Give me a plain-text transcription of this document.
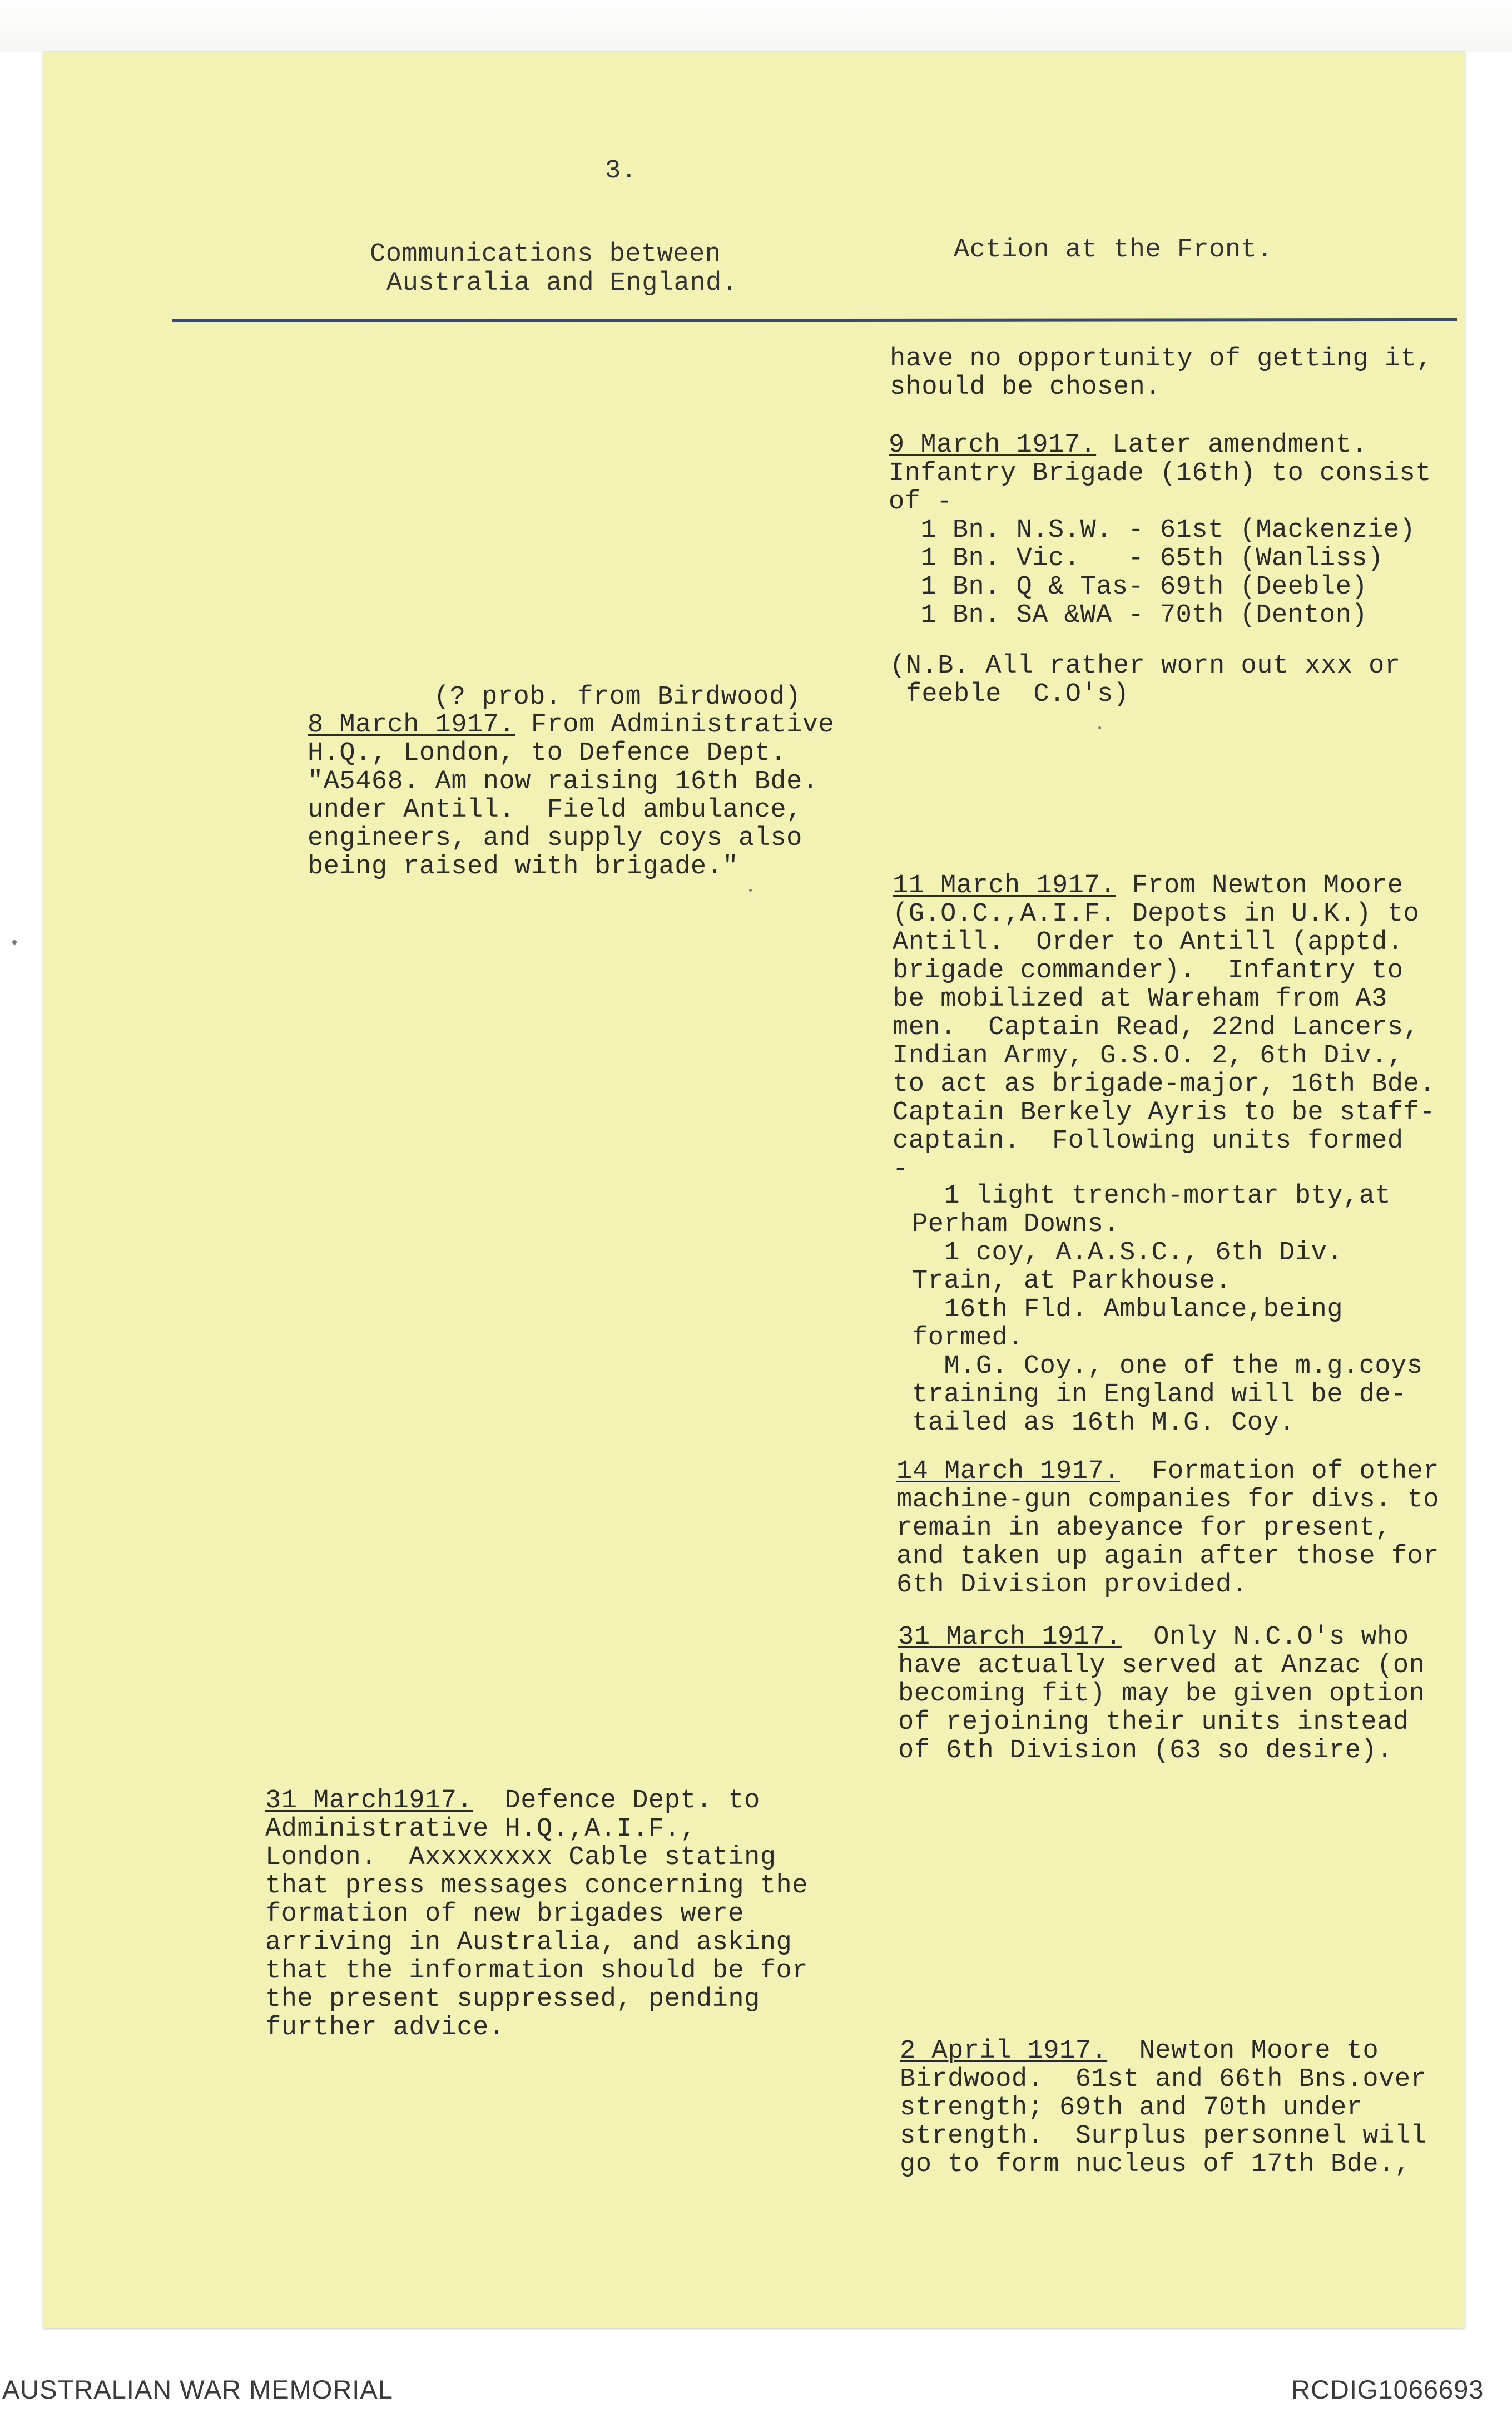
3.
Communications between
Australia and England.
Action at the Front.
have no opportunity of getting it,
should be chosen.
9 March 1917. Later amendment.
Infantry Brigade (16th) to consist
of -
1 Bn. N.S.W. - 61st (Mackenzie)
1 Bn. Vic.   - 65th (Wanliss)
1 Bn. Q & Tas- 69th (Deeble)
1 Bn. SA &WA - 70th (Denton)
(N.B. All rather worn out xxx or
feeble  C.O's)
11 March 1917. From Newton Moore
(G.O.C.,A.I.F. Depots in U.K.) to
Antill.  Order to Antill (apptd.
brigade commander).  Infantry to
be mobilized at Wareham from A3
men.  Captain Read, 22nd Lancers,
Indian Army, G.S.O. 2, 6th Div.,
to act as brigade-major, 16th Bde.
Captain Berkely Ayris to be staff-
captain.  Following units formed
-
1 light trench-mortar bty,at
Perham Downs.
1 coy, A.A.S.C., 6th Div.
Train, at Parkhouse.
16th Fld. Ambulance,being
formed.
M.G. Coy., one of the m.g.coys
training in England will be de-
tailed as 16th M.G. Coy.
14 March 1917.  Formation of other
machine-gun companies for divs. to
remain in abeyance for present,
and taken up again after those for
6th Division provided.
31 March 1917.  Only N.C.O's who
have actually served at Anzac (on
becoming fit) may be given option
of rejoining their units instead
of 6th Division (63 so desire).
2 April 1917.  Newton Moore to
Birdwood.  61st and 66th Bns.over
strength; 69th and 70th under
strength.  Surplus personnel will
go to form nucleus of 17th Bde.,
(? prob. from Birdwood)
8 March 1917. From Administrative
H.Q., London, to Defence Dept.
"A5468. Am now raising 16th Bde.
under Antill.  Field ambulance,
engineers, and supply coys also
being raised with brigade."
31 March1917.  Defence Dept. to
Administrative H.Q.,A.I.F.,
London.  Axxxxxxxx Cable stating
that press messages concerning the
formation of new brigades were
arriving in Australia, and asking
that the information should be for
the present suppressed, pending
further advice.
AUSTRALIAN WAR MEMORIAL	RCDIG1066693
